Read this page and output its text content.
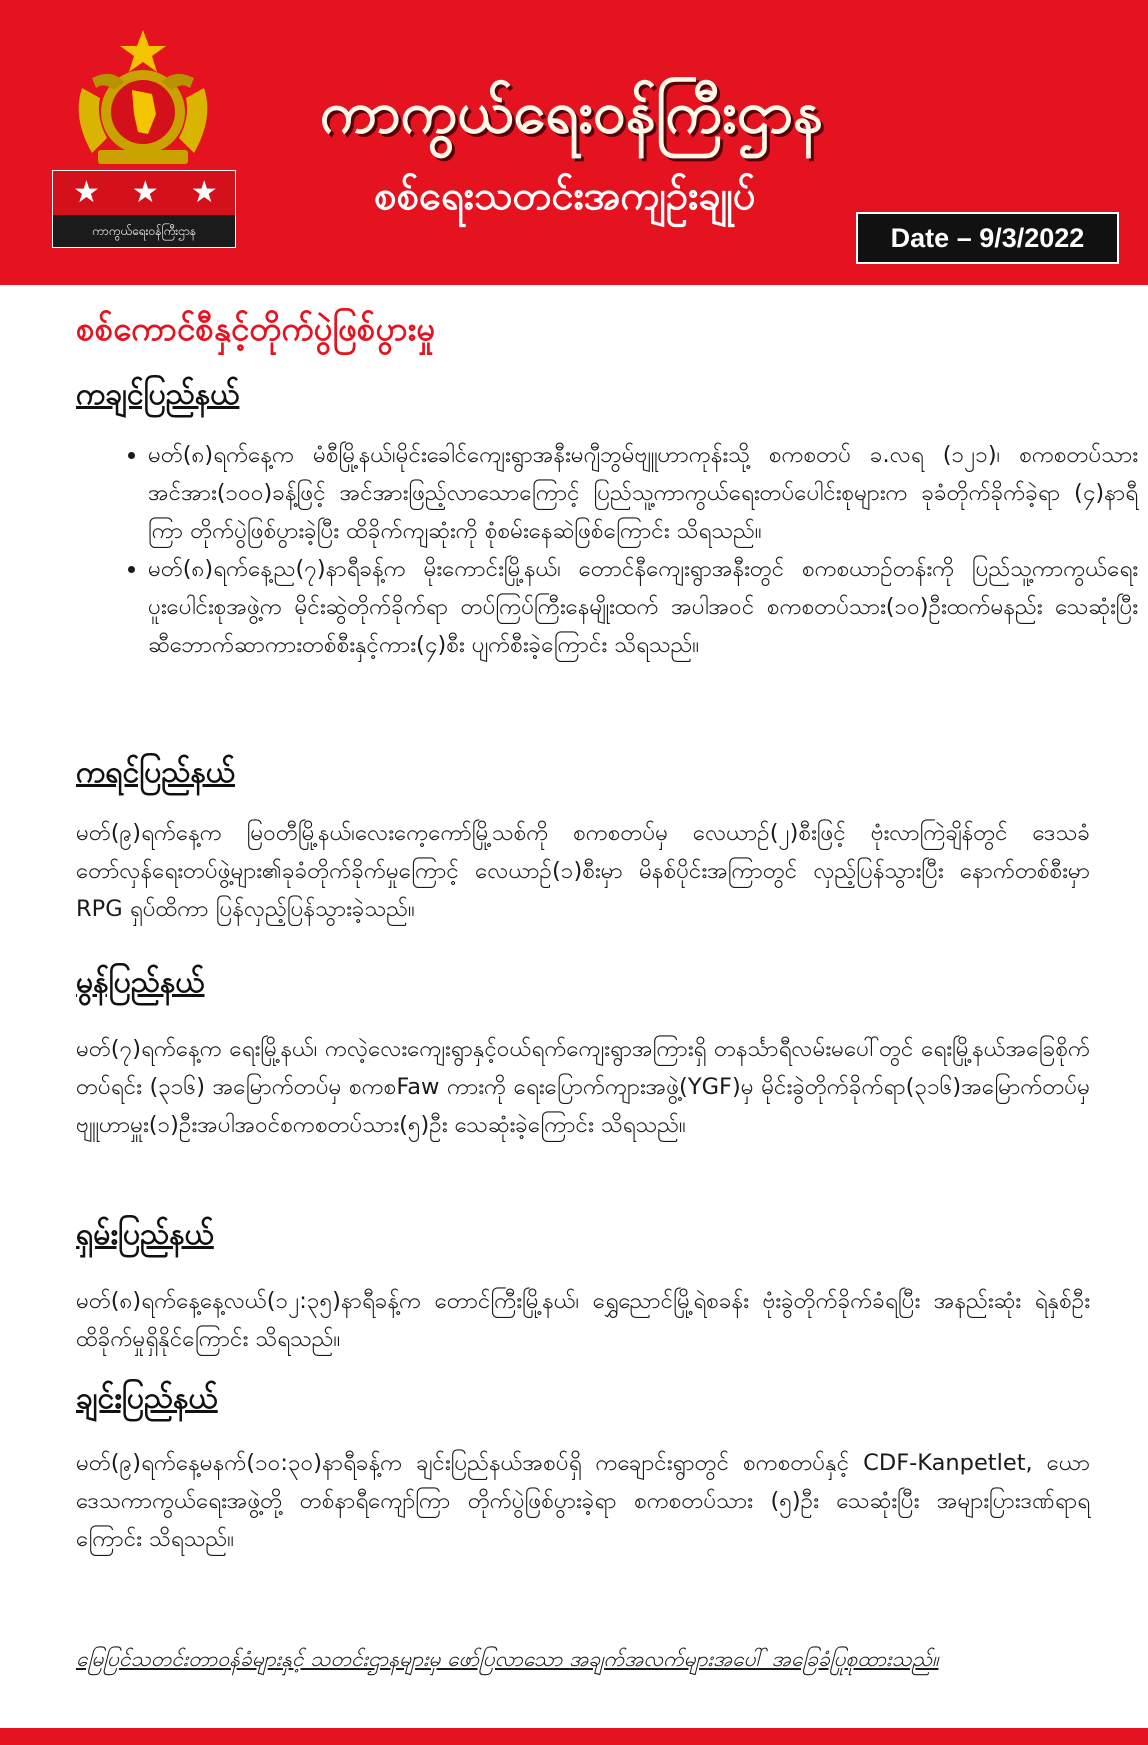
★★★
ကာကွယ်ရေးဝန်ကြီးဌာန
ကာကွယ်ရေးဝန်ကြီးဌာန
စစ်ရေးသတင်းအကျဉ်းချုပ်
Date – 9/3/2022
စစ်ကောင်စီနှင့်တိုက်ပွဲဖြစ်ပွားမှု
ကချင်ပြည်နယ်
• မတ်(၈)ရက်နေ့က မံစီမြို့နယ်၊မိုင်းခေါင်ကျေးရွာအနီးမဂျီဘွမ်ဗျူဟာကုန်းသို့ စကစတပ် ခ.လရ (၁၂၁)၊ စကစတပ်သား အင်အား(၁၀၀)ခန့်ဖြင့် အင်အားဖြည့်လာသောကြောင့် ပြည်သူ့ကာကွယ်ရေးတပ်ပေါင်းစုများက ခုခံတိုက်ခိုက်ခဲ့ရာ (၄)နာရီကြာ တိုက်ပွဲဖြစ်ပွားခဲ့ပြီး ထိခိုက်ကျဆုံးကို စုံစမ်းနေဆဲဖြစ်ကြောင်း သိရသည်။
• မတ်(၈)ရက်နေ့ည(၇)နာရီခန့်က မိုးကောင်းမြို့နယ်၊ တောင်နီကျေးရွာအနီးတွင် စကစယာဉ်တန်းကို ပြည်သူ့ကာကွယ်ရေးပူးပေါင်းစုအဖွဲ့က မိုင်းဆွဲတိုက်ခိုက်ရာ တပ်ကြပ်ကြီးနေမျိုးထက် အပါအဝင် စကစတပ်သား(၁၀)ဦးထက်မနည်း သေဆုံးပြီး ဆီဘောက်ဆာကားတစ်စီးနှင့်ကား(၄)စီး ပျက်စီးခဲ့ကြောင်း သိရသည်။
ကရင်ပြည်နယ်
မတ်(၉)ရက်နေ့က မြဝတီမြို့နယ်၊လေးကေ့ကော်မြို့သစ်ကို စကစတပ်မှ လေယာဉ်(၂)စီးဖြင့် ဗုံးလာကြဲချိန်တွင် ဒေသခံတော်လှန်ရေးတပ်ဖွဲ့များ၏ခုခံတိုက်ခိုက်မှုကြောင့် လေယာဉ်(၁)စီးမှာ မိနစ်ပိုင်းအကြာတွင် လှည့်ပြန်သွားပြီး နောက်တစ်စီးမှာ RPG ရှပ်ထိကာ ပြန်လှည့်ပြန်သွားခဲ့သည်။
မွန်ပြည်နယ်
မတ်(၇)ရက်နေ့က ရေးမြို့နယ်၊ ကလဲ့လေးကျေးရွာနှင့်ဝယ်ရက်ကျေးရွာအကြားရှိ တနင်္သာရီလမ်းမပေါ်တွင် ရေးမြို့နယ်အခြေစိုက် တပ်ရင်း (၃၁၆) အမြောက်တပ်မှ စကစFaw ကားကို ရေးပြောက်ကျားအဖွဲ့(YGF)မှ မိုင်းခွဲတိုက်ခိုက်ရာ(၃၁၆)အမြောက်တပ်မှ ဗျူဟာမှူး(၁)ဦးအပါအဝင်စကစတပ်သား(၅)ဦး သေဆုံးခဲ့ကြောင်း သိရသည်။
ရှမ်းပြည်နယ်
မတ်(၈)ရက်နေ့နေ့လယ်(၁၂:၃၅)နာရီခန့်က တောင်ကြီးမြို့နယ်၊ ရွှေညောင်မြို့ရဲစခန်း ဗုံးခွဲတိုက်ခိုက်ခံရပြီး အနည်းဆုံး ရဲနှစ်ဦး ထိခိုက်မှုရှိနိုင်ကြောင်း သိရသည်။
ချင်းပြည်နယ်
မတ်(၉)ရက်နေ့မနက်(၁၀:၃၀)နာရီခန့်က ချင်းပြည်နယ်အစပ်ရှိ ကချောင်းရွာတွင် စကစတပ်နှင့် CDF-Kanpetlet, ယောဒေသကာကွယ်ရေးအဖွဲ့တို့ တစ်နာရီကျော်ကြာ တိုက်ပွဲဖြစ်ပွားခဲ့ရာ စကစတပ်သား (၅)ဦး သေဆုံးပြီး အများပြားဒဏ်ရာရကြောင်း သိရသည်။
မြေပြင်သတင်းတာဝန်ခံများနှင့် သတင်းဌာနများမှ ဖော်ပြလာသော အချက်အလက်များအပေါ် အခြေခံပြုစုထားသည်။
